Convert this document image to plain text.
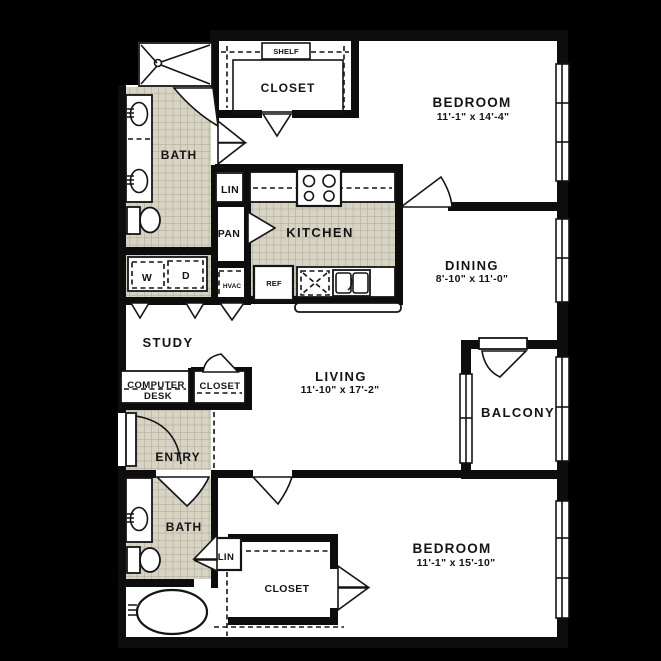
BATH
CLOSET
SHELF
BEDROOM
11'-1" x 14'-4"
LIN
KITCHEN
PAN
HVAC	REF
W	D
DINING
8'-10" x 11'-0"
STUDY
COMPUTER
DESK
CLOSET
LIVING
11'-10" x 17'-2"
ENTRY
BALCONY
BATH
LIN
CLOSET
BEDROOM
11'-1" x 15'-10"
